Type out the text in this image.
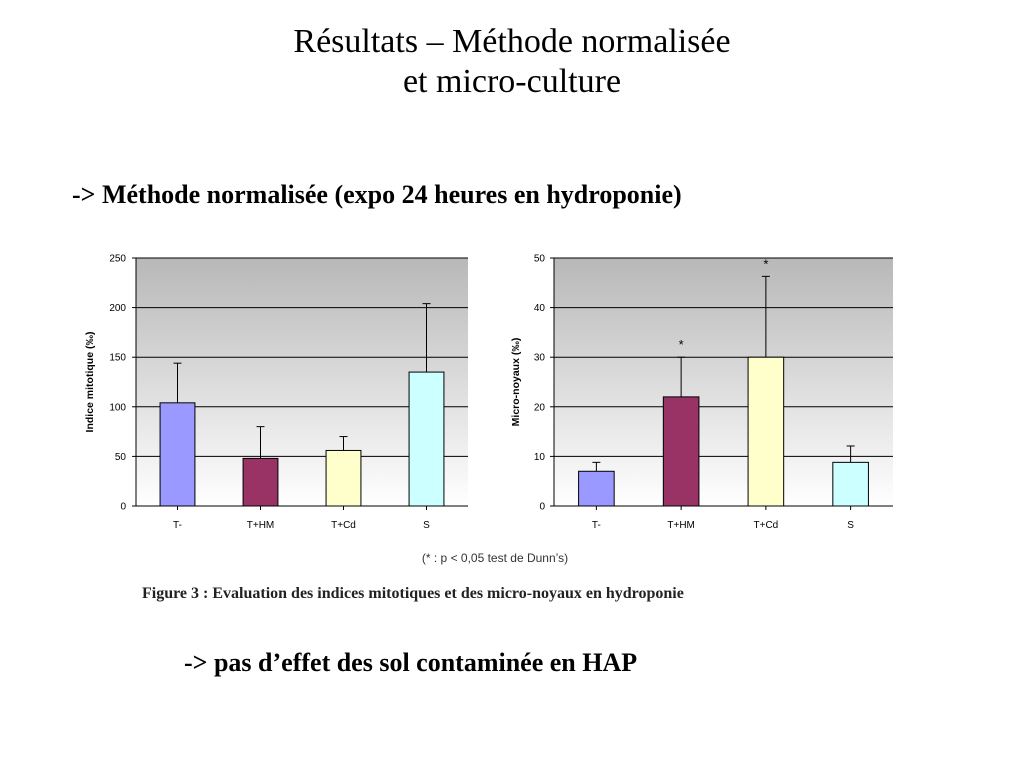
Résultats – Méthode normalisée
et micro-culture
-> Méthode normalisée (expo 24 heures en hydroponie)
0
50
100
150
200
250
Indice mitotique (‰)
T-	T+HM	T+Cd	S
0
10
20
30
40
50
Micro-noyaux (‰)
T-	T+HM
*
T+Cd
*
S
(* : p < 0,05 test de Dunn’s)
Figure 3 : Evaluation des indices mitotiques et des micro-noyaux en hydroponie
-> pas d’effet des sol contaminée en HAP
